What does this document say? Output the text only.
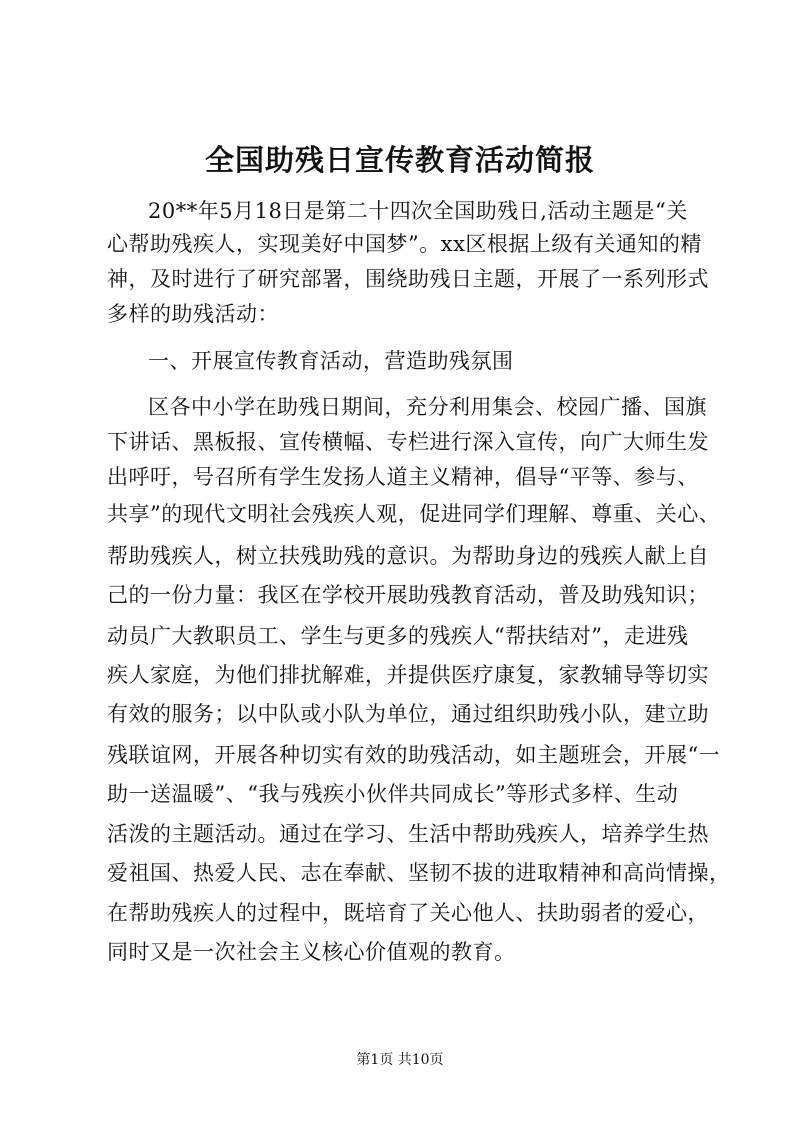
全国助残日宣传教育活动简报
20**年5月18日是第二十四次全国助残日,活动主题是“关
心帮助残疾人，实现美好中国梦”。xx区根据上级有关通知的精
神，及时进行了研究部署，围绕助残日主题，开展了一系列形式
多样的助残活动：
一、开展宣传教育活动，营造助残氛围
区各中小学在助残日期间，充分利用集会、校园广播、国旗
下讲话、黑板报、宣传横幅、专栏进行深入宣传，向广大师生发
出呼吁，号召所有学生发扬人道主义精神，倡导“平等、参与、
共享”的现代文明社会残疾人观，促进同学们理解、尊重、关心、
帮助残疾人，树立扶残助残的意识。为帮助身边的残疾人献上自
己的一份力量：我区在学校开展助残教育活动，普及助残知识；
动员广大教职员工、学生与更多的残疾人“帮扶结对”，走进残
疾人家庭，为他们排扰解难，并提供医疗康复，家教辅导等切实
有效的服务；以中队或小队为单位，通过组织助残小队，建立助
残联谊网，开展各种切实有效的助残活动，如主题班会，开展“一
助一送温暖”、“我与残疾小伙伴共同成长”等形式多样、生动
活泼的主题活动。通过在学习、生活中帮助残疾人，培养学生热
爱祖国、热爱人民、志在奉献、坚韧不拔的进取精神和高尚情操，
在帮助残疾人的过程中，既培育了关心他人、扶助弱者的爱心，
同时又是一次社会主义核心价值观的教育。
第1页 共10页
